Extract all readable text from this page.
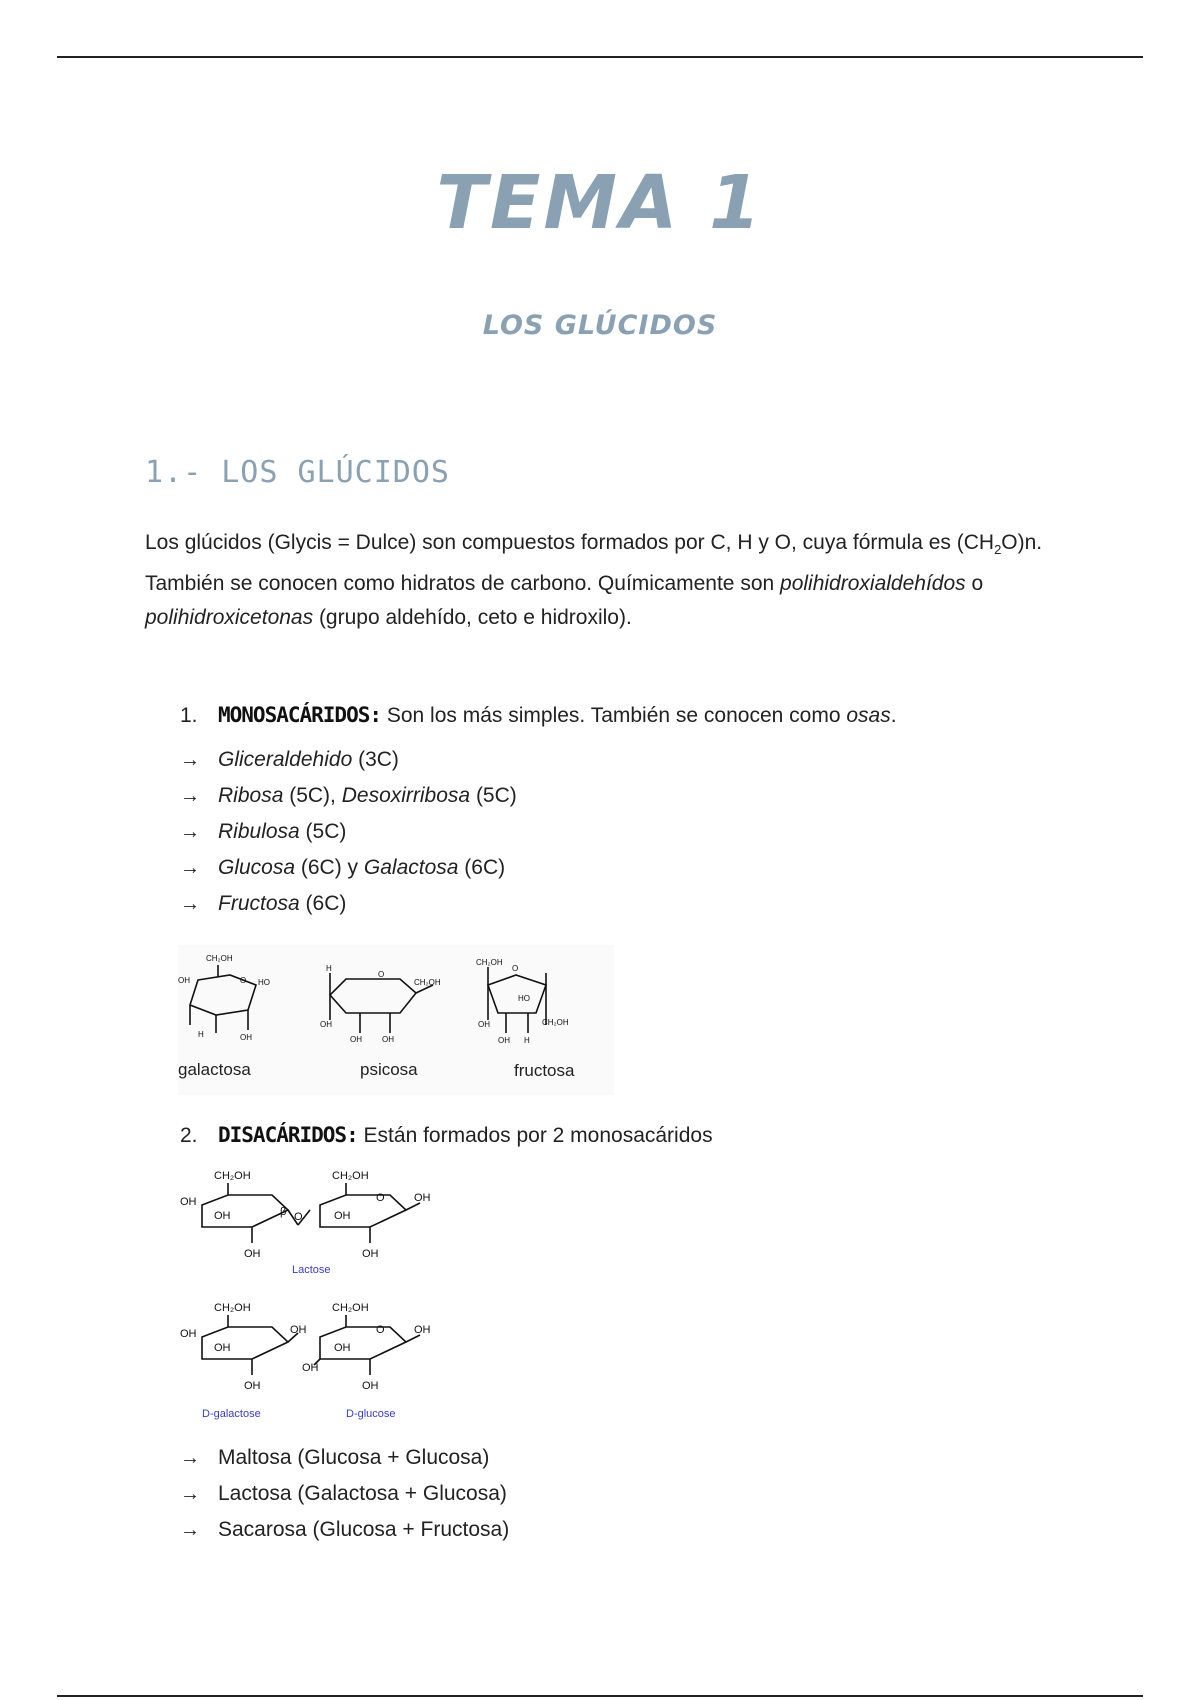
TEMA 1
LOS GLÚCIDOS
1.- LOS GLÚCIDOS
Los glúcidos (Glycis = Dulce) son compuestos formados por C, H y O, cuya fórmula es $(CH_2O)n$. También se conocen como hidratos de carbono. Químicamente son polihidroxialdehídos o polihidroxicetonas (grupo aldehído, ceto e hidroxilo).
1. MONOSACÁRIDOS: Son los más simples. También se conocen como osas.
→ Gliceraldehido (3C)
→ Ribosa (5C), Desoxirribosa (5C)
→ Ribulosa (5C)
→ Glucosa (6C) y Galactosa (6C)
→ Fructosa (6C)
CH₂OH
OH	HO
O
H	OH
H
O
CH₂OH
OH
OH	OH
CH₂OH
O
HO
CH₂OH
OH
OH H
galactosa	psicosa	fructosa
2. DISACÁRIDOS: Están formados por 2 monosacáridos
CH₂OH
OH
OH
OH
β O
CH₂OH
O	OH
OH
OH
CH₂OH
OH	OH
OH
OH
CH₂OH
O	OH
OH
OH
OH
Lactose
D-galactose	D-glucose
→ Maltosa (Glucosa + Glucosa)
→ Lactosa (Galactosa + Glucosa)
→ Sacarosa (Glucosa + Fructosa)
